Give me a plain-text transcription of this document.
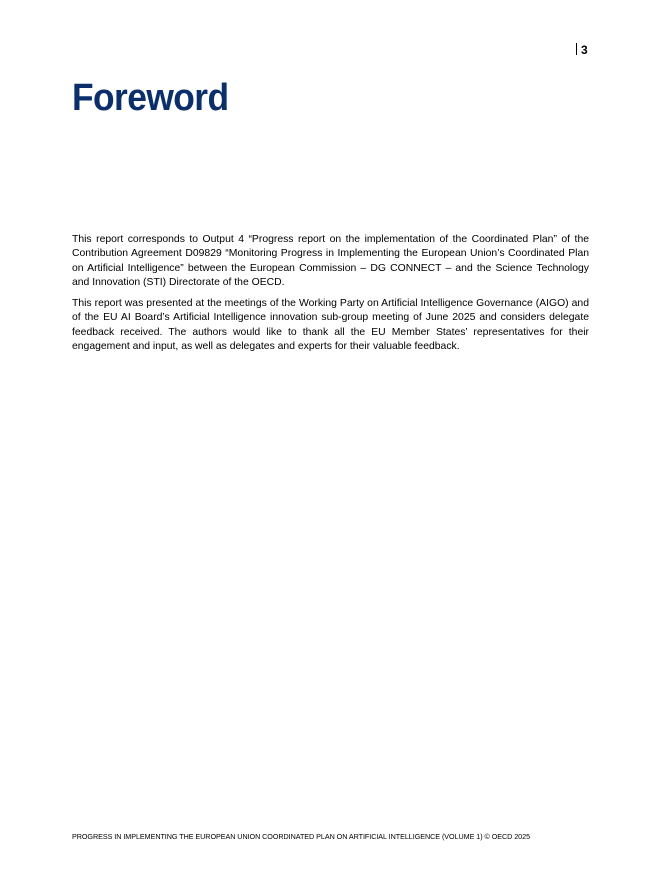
3
Foreword

This report corresponds to Output 4 “Progress report on the implementation of the Coordinated Plan” of the Contribution Agreement D09829 “Monitoring Progress in Implementing the European Union’s Coordinated Plan on Artificial Intelligence” between the European Commission – DG CONNECT – and the Science Technology and Innovation (STI) Directorate of the OECD.

This report was presented at the meetings of the Working Party on Artificial Intelligence Governance (AIGO) and of the EU AI Board’s Artificial Intelligence innovation sub-group meeting of June 2025 and considers delegate feedback received. The authors would like to thank all the EU Member States’ representatives for their engagement and input, as well as delegates and experts for their valuable feedback.

PROGRESS IN IMPLEMENTING THE EUROPEAN UNION COORDINATED PLAN ON ARTIFICIAL INTELLIGENCE (VOLUME 1) © OECD 2025
